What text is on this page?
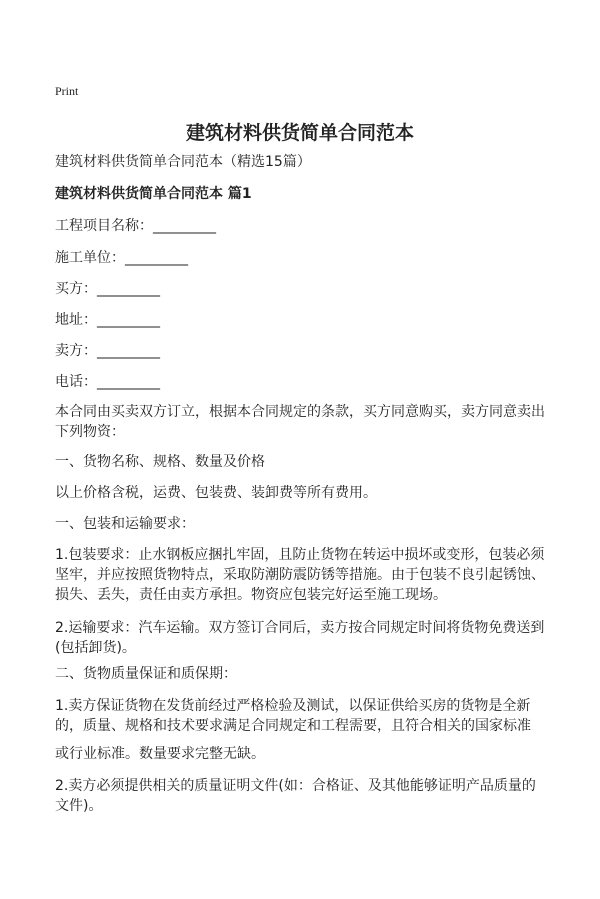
Print
建筑材料供货简单合同范本
建筑材料供货简单合同范本（精选15篇）
建筑材料供货简单合同范本 篇1
工程项目名称：_________
施工单位：_________
买方：_________
地址：_________
卖方：_________
电话：_________
本合同由买卖双方订立，根据本合同规定的条款，买方同意购买，卖方同意卖出下列物资：
一、货物名称、规格、数量及价格
以上价格含税，运费、包装费、装卸费等所有费用。
一、包装和运输要求：
1.包装要求：止水钢板应捆扎牢固，且防止货物在转运中损坏或变形，包装必须坚牢，并应按照货物特点，采取防潮防震防锈等措施。由于包装不良引起锈蚀、损失、丢失，责任由卖方承担。物资应包装完好运至施工现场。
2.运输要求：汽车运输。双方签订合同后，卖方按合同规定时间将货物免费送到 (包括卸货)。
二、货物质量保证和质保期：
1.卖方保证货物在发货前经过严格检验及测试，以保证供给买房的货物是全新的，质量、规格和技术要求满足合同规定和工程需要，且符合相关的国家标准
或行业标准。数量要求完整无缺。
2.卖方必须提供相关的质量证明文件(如：合格证、及其他能够证明产品质量的文件)。
